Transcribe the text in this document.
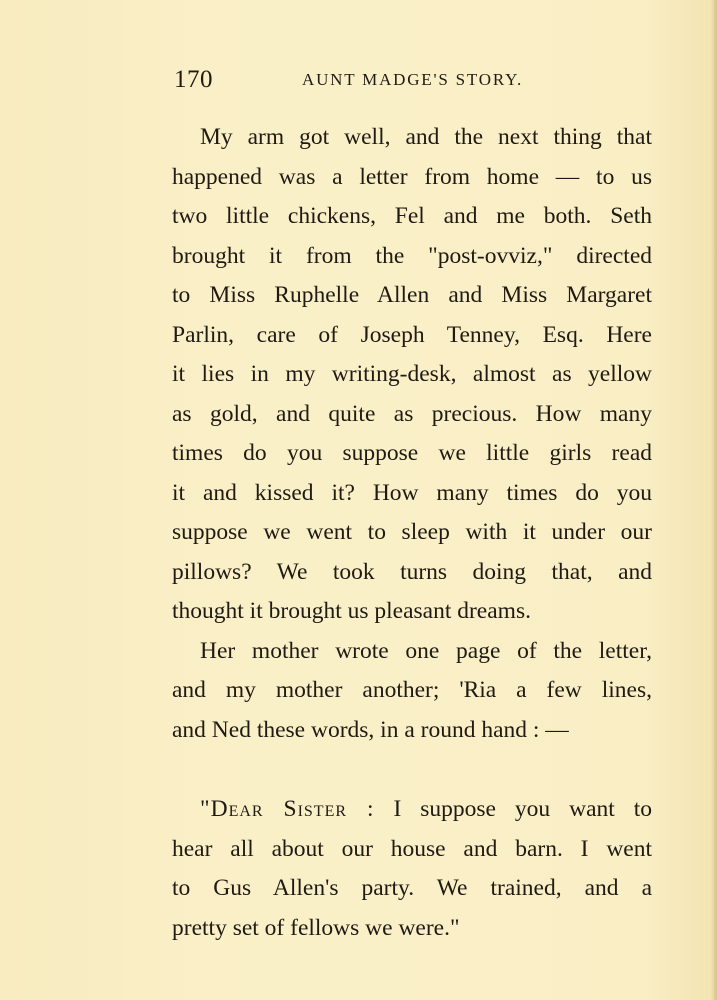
170	AUNT MADGE'S STORY.

My arm got well, and the next thing that
happened was a letter from home — to us
two little chickens, Fel and me both. Seth
brought it from the "post-ovviz," directed
to Miss Ruphelle Allen and Miss Margaret
Parlin, care of Joseph Tenney, Esq. Here
it lies in my writing-desk, almost as yellow
as gold, and quite as precious. How many
times do you suppose we little girls read
it and kissed it? How many times do you
suppose we went to sleep with it under our
pillows? We took turns doing that, and
thought it brought us pleasant dreams.

Her mother wrote one page of the letter,
and my mother another; 'Ria a few lines,
and Ned these words, in a round hand : —

"Dear Sister : I suppose you want to
hear all about our house and barn. I went
to Gus Allen's party. We trained, and a
pretty set of fellows we were."
